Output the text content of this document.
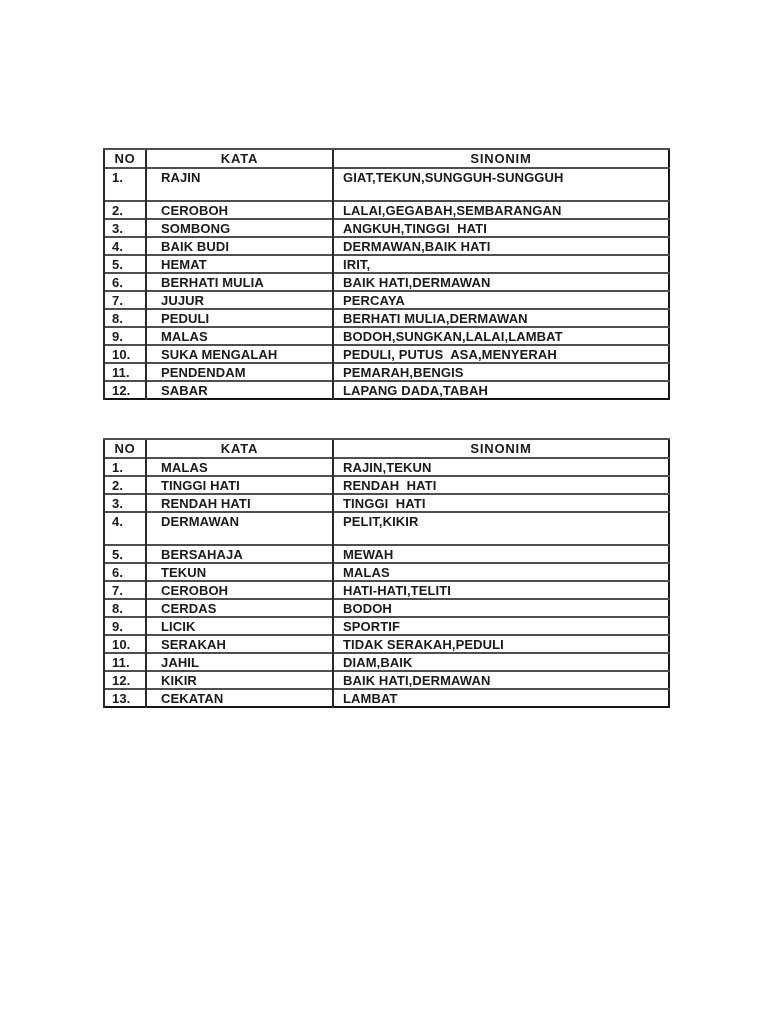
NO	KATA	SINONIM
1.	RAJIN	GIAT,TEKUN,SUNGGUH-SUNGGUH
2.	CEROBOH	LALAI,GEGABAH,SEMBARANGAN
3.	SOMBONG	ANGKUH,TINGGI  HATI
4.	BAIK BUDI	DERMAWAN,BAIK HATI
5.	HEMAT	IRIT,
6.	BERHATI MULIA	BAIK HATI,DERMAWAN
7.	JUJUR	PERCAYA
8.	PEDULI	BERHATI MULIA,DERMAWAN
9.	MALAS	BODOH,SUNGKAN,LALAI,LAMBAT
10.	SUKA MENGALAH	PEDULI, PUTUS  ASA,MENYERAH
11.	PENDENDAM	PEMARAH,BENGIS
12.	SABAR	LAPANG DADA,TABAH
NO	KATA	SINONIM
1.	MALAS	RAJIN,TEKUN
2.	TINGGI HATI	RENDAH  HATI
3.	RENDAH HATI	TINGGI  HATI
4.	DERMAWAN	PELIT,KIKIR
5.	BERSAHAJA	MEWAH
6.	TEKUN	MALAS
7.	CEROBOH	HATI-HATI,TELITI
8.	CERDAS	BODOH
9.	LICIK	SPORTIF
10.	SERAKAH	TIDAK SERAKAH,PEDULI
11.	JAHIL	DIAM,BAIK
12.	KIKIR	BAIK HATI,DERMAWAN
13.	CEKATAN	LAMBAT
